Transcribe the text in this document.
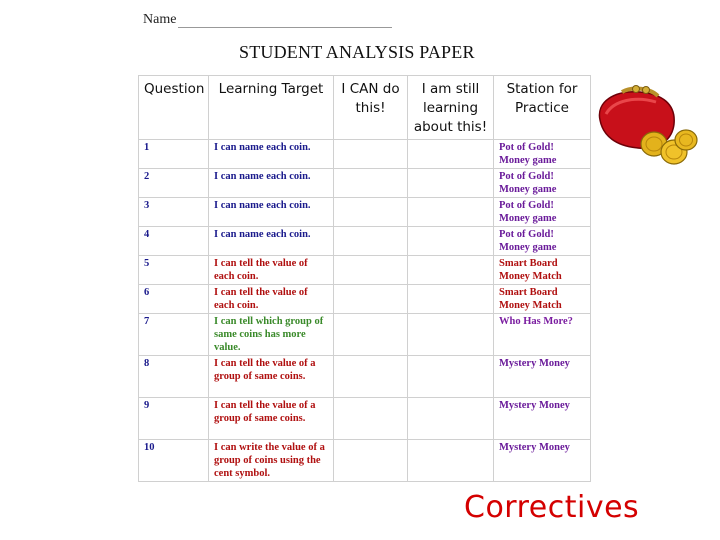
Name
STUDENT ANALYSIS PAPER
Question	Learning Target	I CAN do this!	I am still learning about this!	Station for Practice
1	I can name each coin.			Pot of Gold! Money game
2	I can name each coin.			Pot of Gold! Money game
3	I can name each coin.			Pot of Gold! Money game
4	I can name each coin.			Pot of Gold! Money game
5	I can tell the value of each coin.			Smart Board Money Match
6	I can tell the value of each coin.			Smart Board Money Match
7	I can tell which group of same coins has more value.			Who Has More?
8	I can tell the value of a group of same coins.			Mystery Money
9	I can tell the value of a group of same coins.			Mystery Money
10	I can write the value of a group of coins using the cent symbol.			Mystery Money
Correctives
